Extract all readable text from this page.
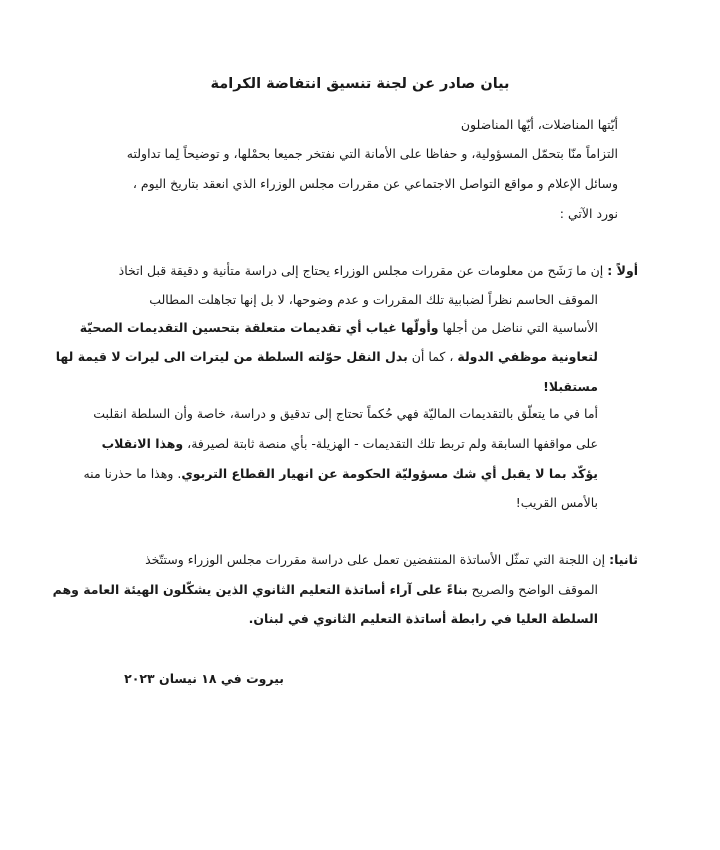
بيان صادر عن لجنة تنسيق انتفاضة الكرامة

أيّتها المناضلات، أيّها المناضلون

التزاماً منّا بتحمّل المسؤولية، و حفاظا على الأمانة التي نفتخر جميعا بحمْلها، و توضيحاً لِما تداولته

وسائل الإعلام و مواقع التواصل الاجتماعي عن مقررات مجلس الوزراء الذي انعقد بتاريخ اليوم ،

نورد الآتي :

أولاً : إن ما رَشَح من معلومات عن مقررات مجلس الوزراء يحتاج إلى دراسة متأنية و دقيقة قبل اتخاذ

الموقف الحاسم نظراً لضبابية تلك المقررات و عدم وضوحها، لا بل إنها تجاهلت المطالب

الأساسية التي نناضل من أجلها وأولّها غياب أي تقديمات متعلقة بتحسين التقديمات الصحيّة

لتعاونية موظفي الدولة ، كما أن بدل النقل حوّلته السلطة من ليترات الى ليرات لا قيمة لها

مستقبلا!

أما في ما يتعلّق بالتقديمات الماليّة فهي حُكماً تحتاج إلى تدقيق و دراسة، خاصة وأن السلطة انقلبت

على مواقفها السابقة ولم تربط تلك التقديمات - الهزيلة- بأي منصة ثابتة لصيرفة، وهذا الانقلاب

يؤكّد بما لا يقبل أي شك مسؤوليّة الحكومة عن انهيار القطاع التربوي. وهذا ما حذرنا منه

بالأمس القريب!

ثانيا: إن اللجنة التي تمثّل الأساتذة المنتفضين تعمل على دراسة مقررات مجلس الوزراء وستتّخذ

الموقف الواضح والصريح بناءً على آراء أساتذة التعليم الثانوي الذين يشكّلون الهيئة العامة وهم

السلطة العليا في رابطة أساتذة التعليم الثانوي في لبنان.

بيروت في ١٨ نيسان ٢٠٢٣
